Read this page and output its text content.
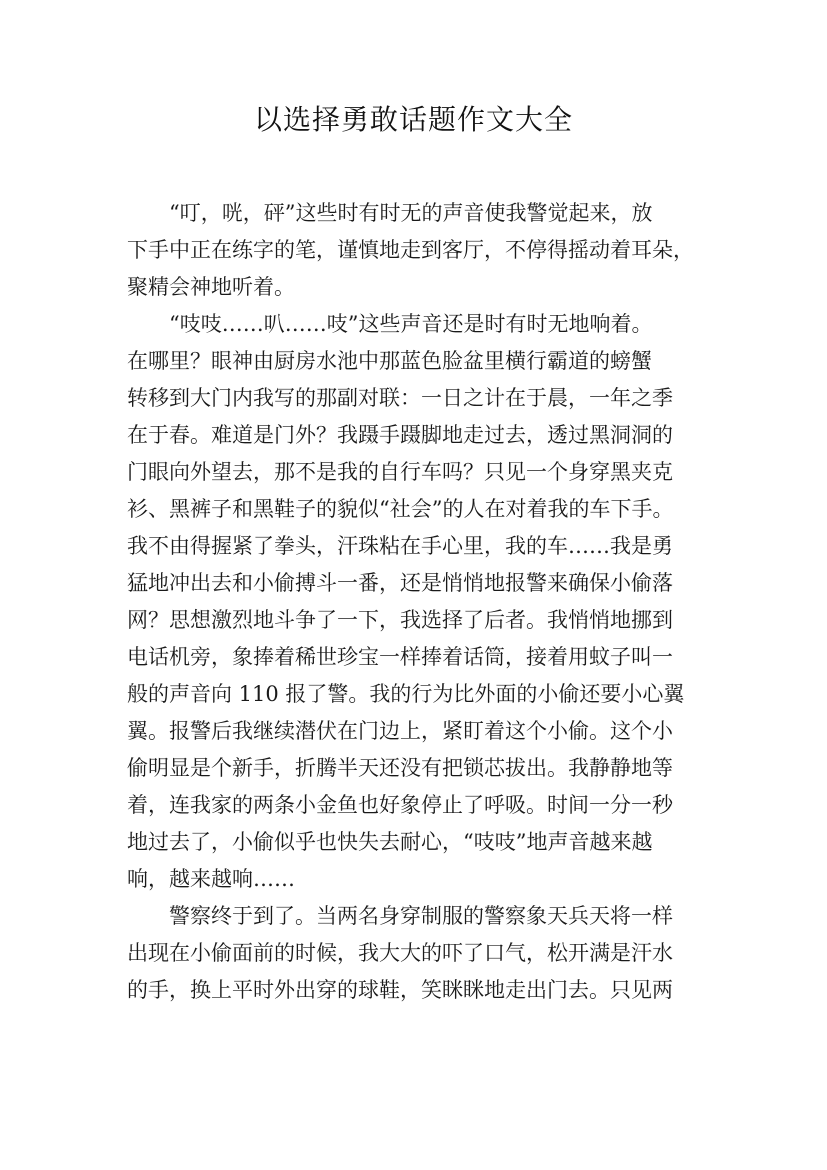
以选择勇敢话题作文大全
　　“叮，咣，砰”这些时有时无的声音使我警觉起来，放
下手中正在练字的笔，谨慎地走到客厅，不停得摇动着耳朵，
聚精会神地听着。
　　“吱吱……叭……吱”这些声音还是时有时无地响着。
在哪里？眼神由厨房水池中那蓝色脸盆里横行霸道的螃蟹
转移到大门内我写的那副对联：一日之计在于晨，一年之季
在于春。难道是门外？我蹑手蹑脚地走过去，透过黑洞洞的
门眼向外望去，那不是我的自行车吗？只见一个身穿黑夹克
衫、黑裤子和黑鞋子的貌似“社会”的人在对着我的车下手。
我不由得握紧了拳头，汗珠粘在手心里，我的车……我是勇
猛地冲出去和小偷搏斗一番，还是悄悄地报警来确保小偷落
网？思想激烈地斗争了一下，我选择了后者。我悄悄地挪到
电话机旁，象捧着稀世珍宝一样捧着话筒，接着用蚊子叫一
般的声音向 110 报了警。我的行为比外面的小偷还要小心翼
翼。报警后我继续潜伏在门边上，紧盯着这个小偷。这个小
偷明显是个新手，折腾半天还没有把锁芯拔出。我静静地等
着，连我家的两条小金鱼也好象停止了呼吸。时间一分一秒
地过去了，小偷似乎也快失去耐心，“吱吱”地声音越来越
响，越来越响……
　　警察终于到了。当两名身穿制服的警察象天兵天将一样
出现在小偷面前的时候，我大大的吓了口气，松开满是汗水
的手，换上平时外出穿的球鞋，笑眯眯地走出门去。只见两
